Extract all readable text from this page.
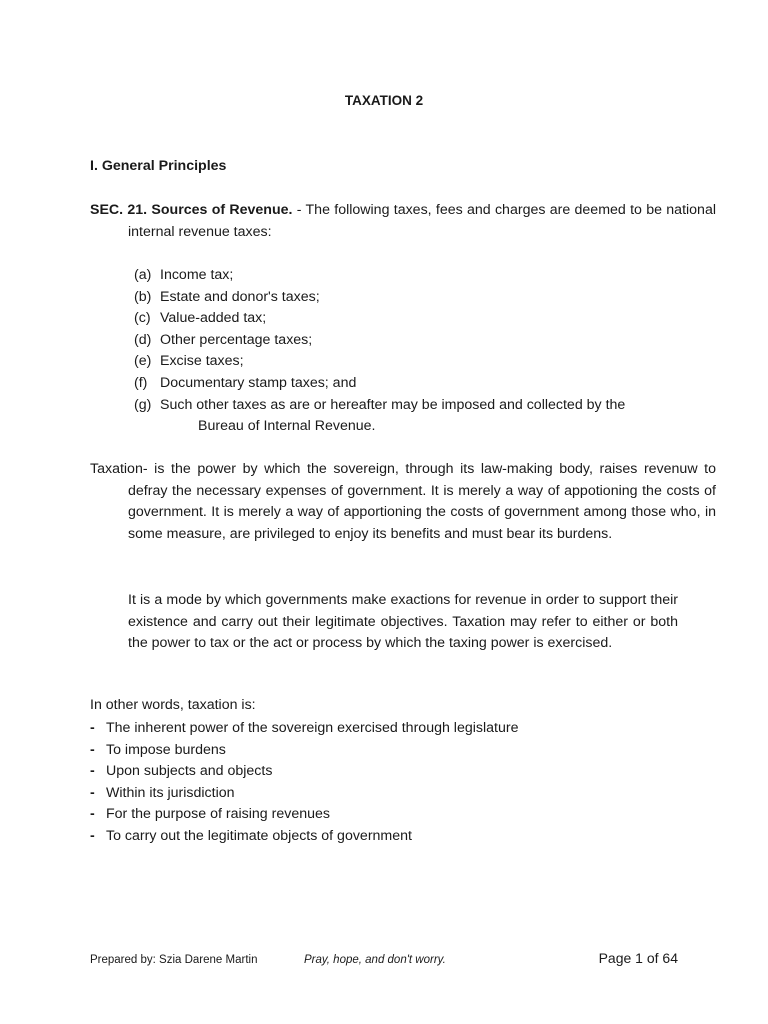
TAXATION 2
I. General Principles
SEC. 21. Sources of Revenue. - The following taxes, fees and charges are deemed to be national internal revenue taxes:
(a) Income tax;
(b) Estate and donor's taxes;
(c) Value-added tax;
(d) Other percentage taxes;
(e) Excise taxes;
(f) Documentary stamp taxes; and
(g) Such other taxes as are or hereafter may be imposed and collected by the
Bureau of Internal Revenue.
Taxation- is the power by which the sovereign, through its law-making body, raises revenuw to defray the necessary expenses of government. It is merely a way of appotioning the costs of government. It is merely a way of apportioning the costs of government among those who, in some measure, are privileged to enjoy its benefits and must bear its burdens.
It is a mode by which governments make exactions for revenue in order to support their existence and carry out their legitimate objectives. Taxation may refer to either or both the power to tax or the act or process by which the taxing power is exercised.
In other words, taxation is:
- The inherent power of the sovereign exercised through legislature
- To impose burdens
- Upon subjects and objects
- Within its jurisdiction
- For the purpose of raising revenues
- To carry out the legitimate objects of government
Prepared by: Szia Darene Martin	Pray, hope, and don't worry.	Page 1 of 64
